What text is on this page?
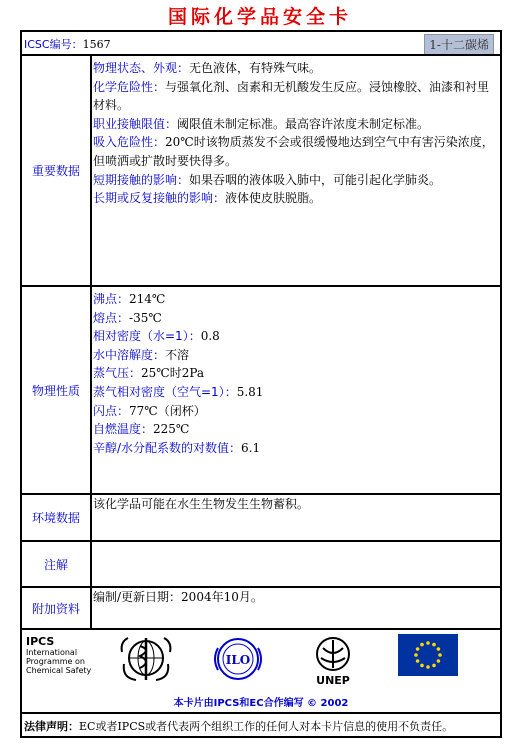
国际化学品安全卡
ICSC编号：1567	1-十二碳烯
重要数据

物理状态、外观：无色液体，有特殊气味。

化学危险性：与强氧化剂、卤素和无机酸发生反应。浸蚀橡胶、油漆和衬里材料。

职业接触限值：阈限值未制定标准。最高容许浓度未制定标准。

吸入危险性：20℃时该物质蒸发不会或很缓慢地达到空气中有害污染浓度，但喷洒或扩散时要快得多。

短期接触的影响：如果吞咽的液体吸入肺中，可能引起化学肺炎。

长期或反复接触的影响：液体使皮肤脱脂。

物理性质

沸点：214℃

熔点：-35℃

相对密度（水=1）：0.8

水中溶解度：不溶

蒸气压：25℃时2Pa

蒸气相对密度（空气=1）：5.81

闪点：77℃（闭杯）

自燃温度：225℃

辛醇/水分配系数的对数值：6.1

环境数据
该化学品可能在水生生物发生生物蓄积。
注解
附加资料
编制/更新日期：2004年10月。
IPCS
International
Programme on
Chemical Safety
ILO
UNEP
本卡片由IPCS和EC合作编写 © 2002
法律声明：EC或者IPCS或者代表两个组织工作的任何人对本卡片信息的使用不负责任。
